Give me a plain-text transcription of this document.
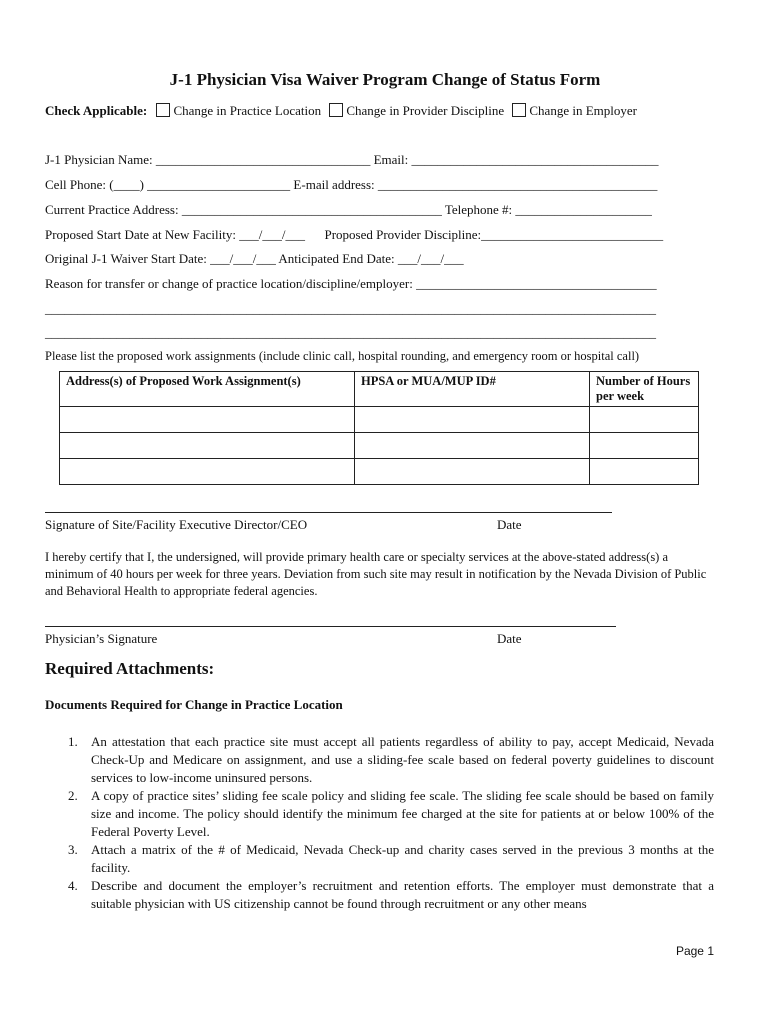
J-1 Physician Visa Waiver Program Change of Status Form
Check Applicable: Change in Practice Location Change in Provider Discipline Change in Employer
J-1 Physician Name: _________________________________ Email: ______________________________________
Cell Phone: (____) ______________________ E-mail address: ___________________________________________
Current Practice Address: ________________________________________ Telephone #: _____________________
Proposed Start Date at New Facility: ___/___/___      Proposed Provider Discipline:____________________________
Original J-1 Waiver Start Date: ___/___/___ Anticipated End Date: ___/___/___
Reason for transfer or change of practice location/discipline/employer: _____________________________________
______________________________________________________________________________________________
______________________________________________________________________________________________
Please list the proposed work assignments (include clinic call, hospital rounding, and emergency room or hospital call)
Address(s) of Proposed Work Assignment(s)	HPSA or MUA/MUP ID#	Number of Hours per week

Signature of Site/Facility Executive Director/CEO	Date
I hereby certify that I, the undersigned, will provide primary health care or specialty services at the above-stated address(s) a minimum of 40 hours per week for three years. Deviation from such site may result in notification by the Nevada Division of Public and Behavioral Health to appropriate federal agencies.
Physician’s Signature	Date
Required Attachments:
Documents Required for Change in Practice Location
1. An attestation that each practice site must accept all patients regardless of ability to pay, accept Medicaid, Nevada Check-Up and Medicare on assignment, and use a sliding-fee scale based on federal poverty guidelines to discount services to low-income uninsured persons.
2. A copy of practice sites’ sliding fee scale policy and sliding fee scale. The sliding fee scale should be based on family size and income. The policy should identify the minimum fee charged at the site for patients at or below 100% of the Federal Poverty Level.
3. Attach a matrix of the # of Medicaid, Nevada Check-up and charity cases served in the previous 3 months at the facility.
4. Describe and document the employer’s recruitment and retention efforts. The employer must demonstrate that a suitable physician with US citizenship cannot be found through recruitment or any other means
Page 1
